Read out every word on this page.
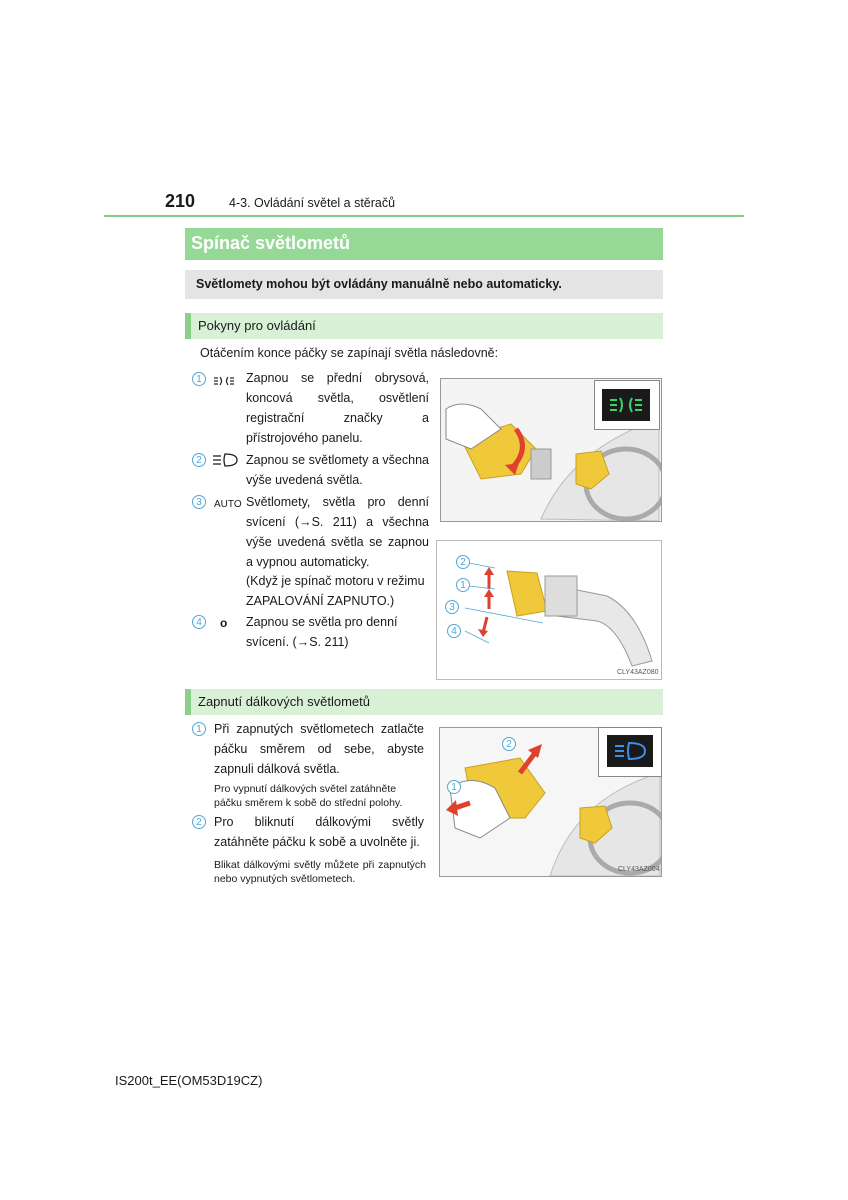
210	4-3. Ovládání světel a stěračů
Spínač světlometů
Světlomety mohou být ovládány manuálně nebo automaticky.
Pokyny pro ovládání
Otáčením konce páčky se zapínají světla následovně:
1	Zapnou se přední obrysová, koncová světla, osvětlení registrační značky a přístrojového panelu.
2	Zapnou se světlomety a všechna výše uvedená světla.
3	AUTO Světlomety, světla pro denní svícení (→S. 211) a všechna výše uvedená světla se zapnou a vypnou automaticky.
(Když je spínač motoru v režimu ZAPALOVÁNÍ ZAPNUTO.)
4	o Zapnou se světla pro denní svícení. (→S. 211)
2
1
3
4
CLY43AZ080
Zapnutí dálkových světlometů
1 Při zapnutých světlometech zatlačte páčku směrem od sebe, abyste zapnuli dálková světla.
Pro vypnutí dálkových světel zatáhněte páčku směrem k sobě do střední polohy.
2 Pro bliknutí dálkovými světly zatáhněte páčku k sobě a uvolněte ji.
Blikat dálkovými světly můžete při zapnutých nebo vypnutých světlometech.
2
1
CLY43AZ004
IS200t_EE(OM53D19CZ)
